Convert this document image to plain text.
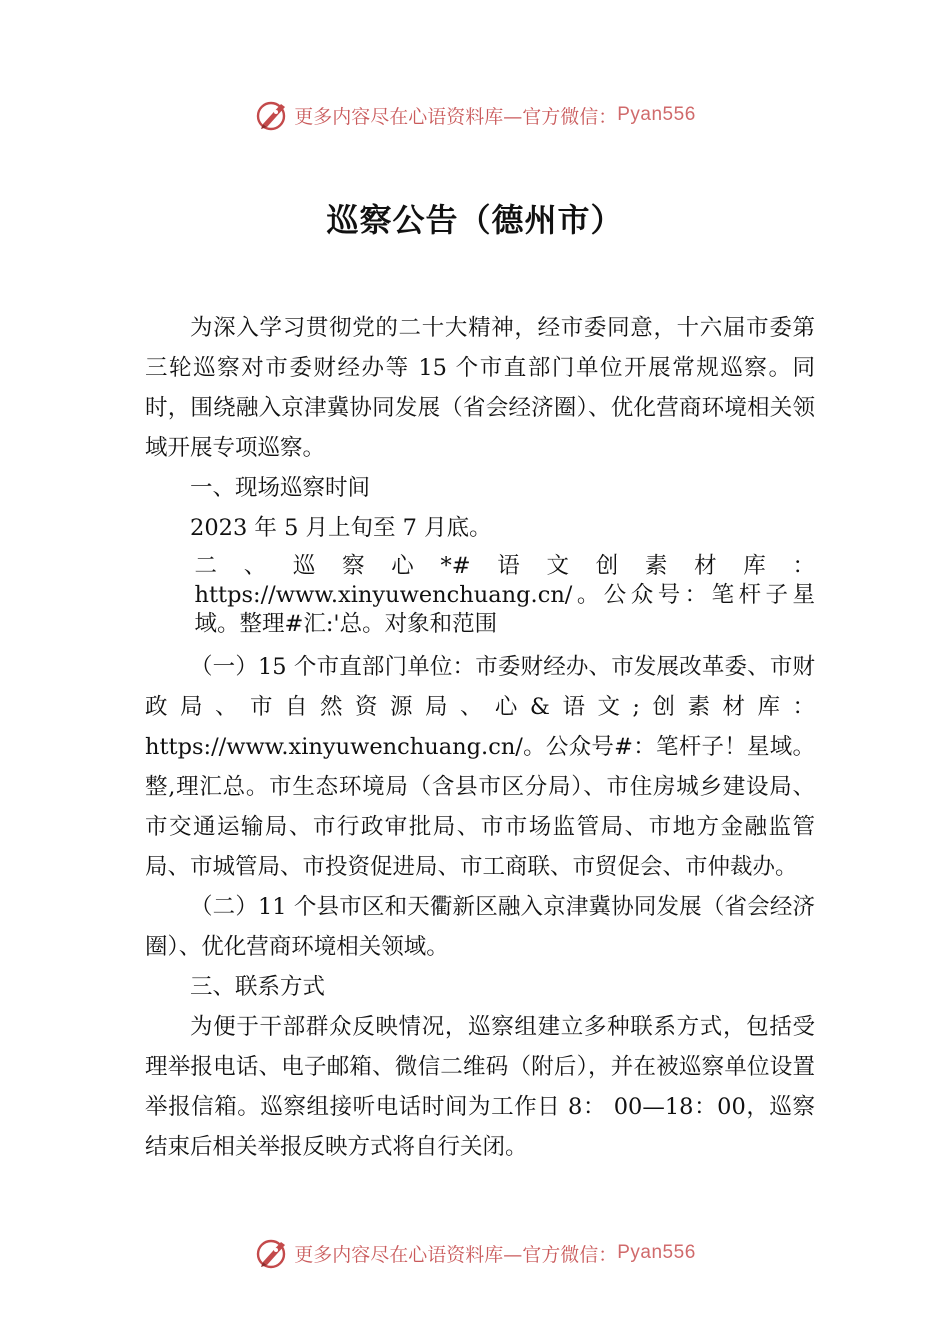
更多内容尽在心语资料库—官方微信： Pyan556
巡察公告（德州市）

为深入学习贯彻党的二十大精神，经市委同意，十六届市委第三轮巡察对市委财经办等 15 个市直部门单位开展常规巡察。同时，围绕融入京津冀协同发展（省会经济圈）、优化营商环境相关领域开展专项巡察。

一、现场巡察时间

2023 年 5 月上旬至 7 月底。

二、巡察心*#语文创素材库：https://www.xinyuwenchuang.cn/。公众号：笔杆子星域。整理#汇:'总。对象和范围

（一）15 个市直部门单位：市委财经办、市发展改革委、市财政局、市自然资源局、心&语文;创素材库：https://www.xinyuwenchuang.cn/。公众号#：笔杆子！星域。整,理汇总。市生态环境局（含县市区分局）、市住房城乡建设局、市交通运输局、市行政审批局、市市场监管局、市地方金融监管局、市城管局、市投资促进局、市工商联、市贸促会、市仲裁办。

（二）11 个县市区和天衢新区融入京津冀协同发展（省会经济圈）、优化营商环境相关领域。

三、联系方式

为便于干部群众反映情况，巡察组建立多种联系方式，包括受理举报电话、电子邮箱、微信二维码（附后），并在被巡察单位设置举报信箱。巡察组接听电话时间为工作日 8： 00—18：00，巡察结束后相关举报反映方式将自行关闭。

更多内容尽在心语资料库—官方微信： Pyan556
